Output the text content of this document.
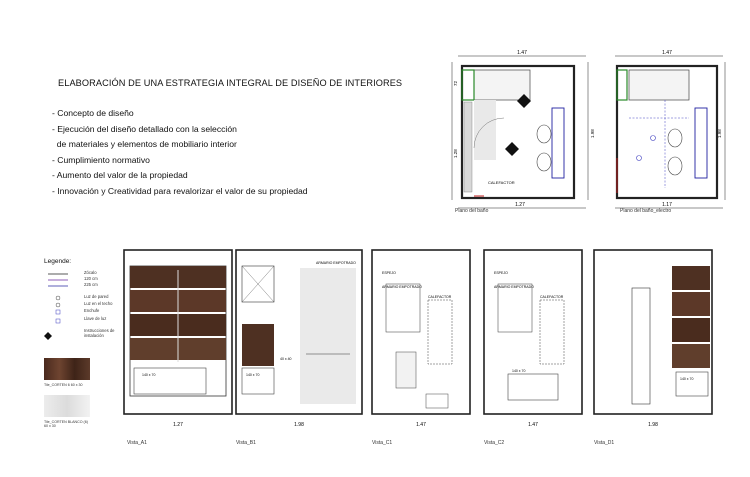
ELABORACIÓN DE UNA ESTRATEGIA INTEGRAL DE DISEÑO DE INTERIORES
- Concepto de diseño
- Ejecución del diseño detallado con la selección
de materiales y elementos de mobiliario interior
- Cumplimiento normativo
- Aumento del valor de la propiedad
- Innovación y Creatividad para revalorizar el valor de su propiedad
1.47
1.27
1.98
1.28
72
CALEFACTOR
Plano del baño
1.47
1.17
1.98
Plano del baño_electro
Legende:
Zócalo
120 cm
225 cm
Luz de pared
Luz en el techo
Enchufe
Llave de luz
Instrucciones de instalación
Tile_CORTEN 6 60 x 30
Tile_CORTEN BLANCO (6) 60 x 30	1.27
140 x 70
Vista_A1
1.98
ARMARIO EMPOTRADO
140 x 70
40 x 40
Vista_B1
1.47
ESPEJO
ARMARIO EMPOTRADO
CALEFACTOR
Vista_C1
1.47
ESPEJO
ARMARIO EMPOTRADO
CALEFACTOR
140 x 70
Vista_C2
1.98
140 x 70
Vista_D1
